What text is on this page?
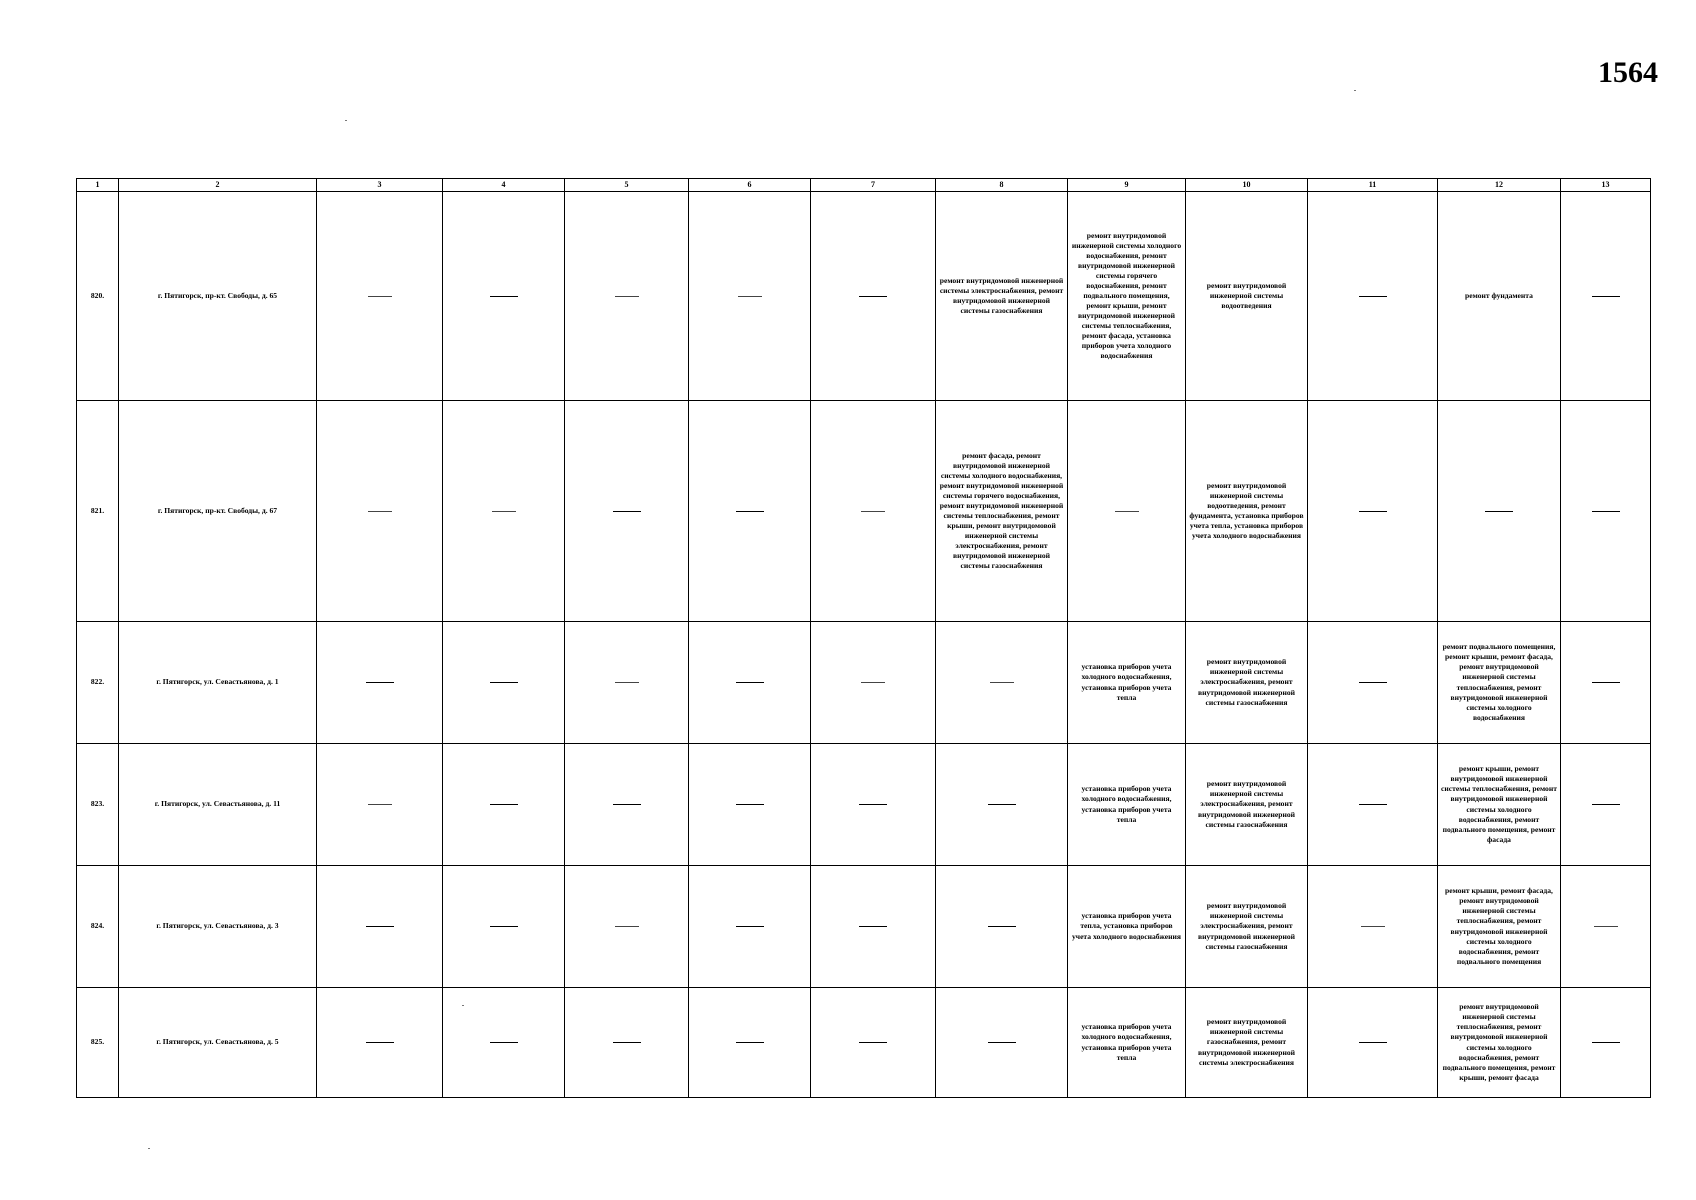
1564
1	2	3	4	5	6	7	8	9	10	11	12	13
820.	г. Пятигорск, пр-кт. Свободы, д. 65						ремонт внутридомовой инженерной системы электроснабжения, ремонт внутридомовой инженерной системы газоснабжения	ремонт внутридомовой инженерной системы холодного водоснабжения, ремонт внутридомовой инженерной системы горячего водоснабжения, ремонт подвального помещения, ремонт крыши, ремонт внутридомовой инженерной системы теплоснабжения, ремонт фасада, установка приборов учета холодного водоснабжения	ремонт внутридомовой инженерной системы водоотведения		ремонт фундамента	
821.	г. Пятигорск, пр-кт. Свободы, д. 67						ремонт фасада, ремонт внутридомовой инженерной системы холодного водоснабжения, ремонт внутридомовой инженерной системы горячего водоснабжения, ремонт внутридомовой инженерной системы теплоснабжения, ремонт крыши, ремонт внутридомовой инженерной системы электроснабжения, ремонт внутридомовой инженерной системы газоснабжения		ремонт внутридомовой инженерной системы водоотведения, ремонт фундамента, установка приборов учета тепла, установка приборов учета холодного водоснабжения			
822.	г. Пятигорск, ул. Севастьянова, д. 1							установка приборов учета холодного водоснабжения, установка приборов учета тепла	ремонт внутридомовой инженерной системы электроснабжения, ремонт внутридомовой инженерной системы газоснабжения		ремонт подвального помещения, ремонт крыши, ремонт фасада, ремонт внутридомовой инженерной системы теплоснабжения, ремонт внутридомовой инженерной системы холодного водоснабжения	
823.	г. Пятигорск, ул. Севастьянова, д. 11							установка приборов учета холодного водоснабжения, установка приборов учета тепла	ремонт внутридомовой инженерной системы электроснабжения, ремонт внутридомовой инженерной системы газоснабжения		ремонт крыши, ремонт внутридомовой инженерной системы теплоснабжения, ремонт внутридомовой инженерной системы холодного водоснабжения, ремонт подвального помещения, ремонт фасада	
824.	г. Пятигорск, ул. Севастьянова, д. 3							установка приборов учета тепла, установка приборов учета холодного водоснабжения	ремонт внутридомовой инженерной системы электроснабжения, ремонт внутридомовой инженерной системы газоснабжения		ремонт крыши, ремонт фасада, ремонт внутридомовой инженерной системы теплоснабжения, ремонт внутридомовой инженерной системы холодного водоснабжения, ремонт подвального помещения	
825.	г. Пятигорск, ул. Севастьянова, д. 5							установка приборов учета холодного водоснабжения, установка приборов учета тепла	ремонт внутридомовой инженерной системы газоснабжения, ремонт внутридомовой инженерной системы электроснабжения		ремонт внутридомовой инженерной системы теплоснабжения, ремонт внутридомовой инженерной системы холодного водоснабжения, ремонт подвального помещения, ремонт крыши, ремонт фасада	
